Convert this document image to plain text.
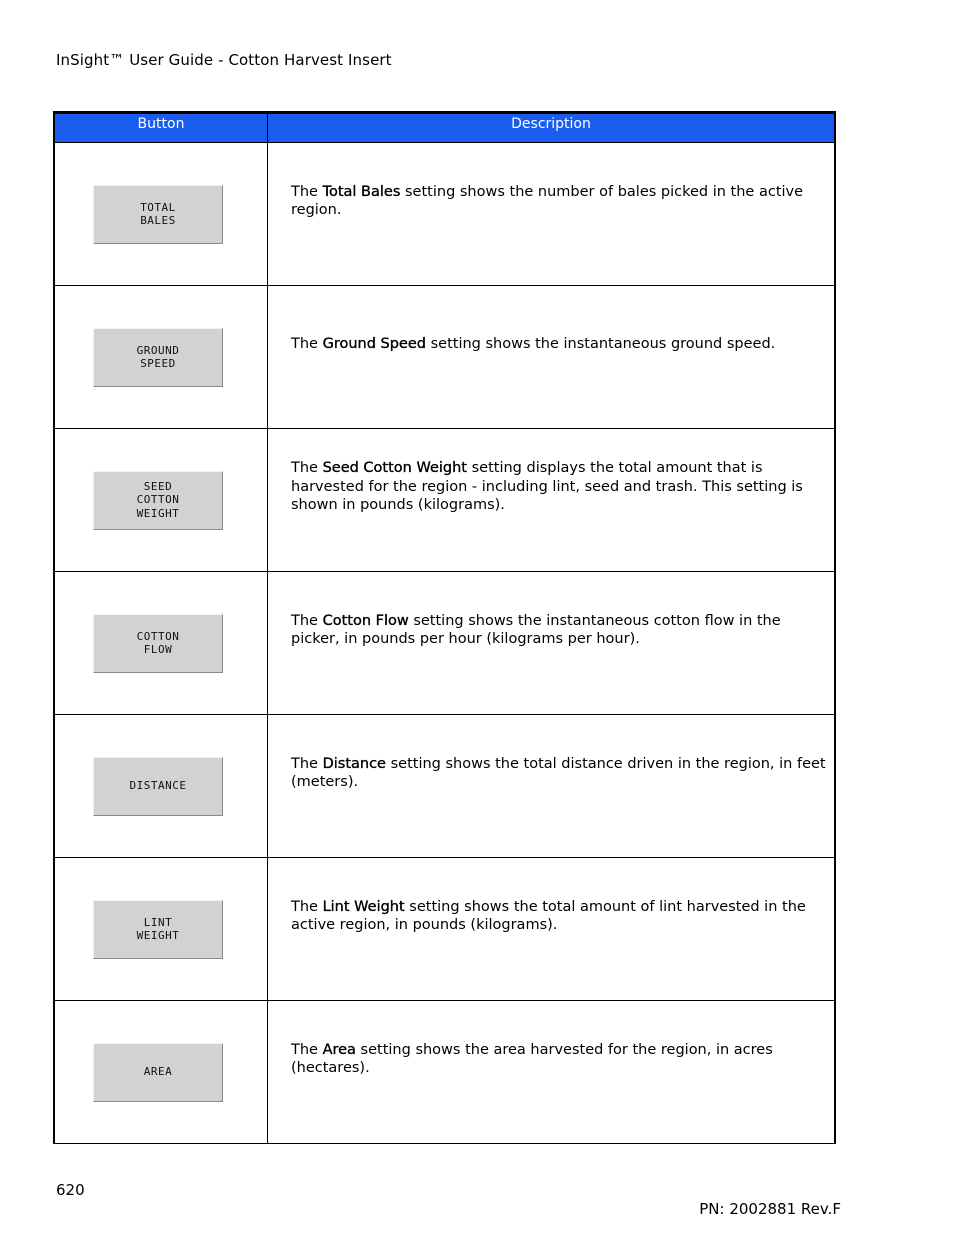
InSight™ User Guide - Cotton Harvest Insert
Button	Description
TOTAL
BALES	The Total Bales setting shows the number of bales picked in the active region.
GROUND
SPEED	The Ground Speed setting shows the instantaneous ground speed.
SEED
COTTON
WEIGHT	The Seed Cotton Weight setting displays the total amount that is harvested for the region - including lint, seed and trash. This setting is shown in pounds (kilograms).
COTTON
FLOW	The Cotton Flow setting shows the instantaneous cotton flow in the picker, in pounds per hour (kilograms per hour).
DISTANCE	The Distance setting shows the total distance driven in the region, in feet (meters).
LINT
WEIGHT	The Lint Weight setting shows the total amount of lint harvested in the active region, in pounds (kilograms).
AREA	The Area setting shows the area harvested for the region, in acres (hectares).
620
PN: 2002881 Rev.F
